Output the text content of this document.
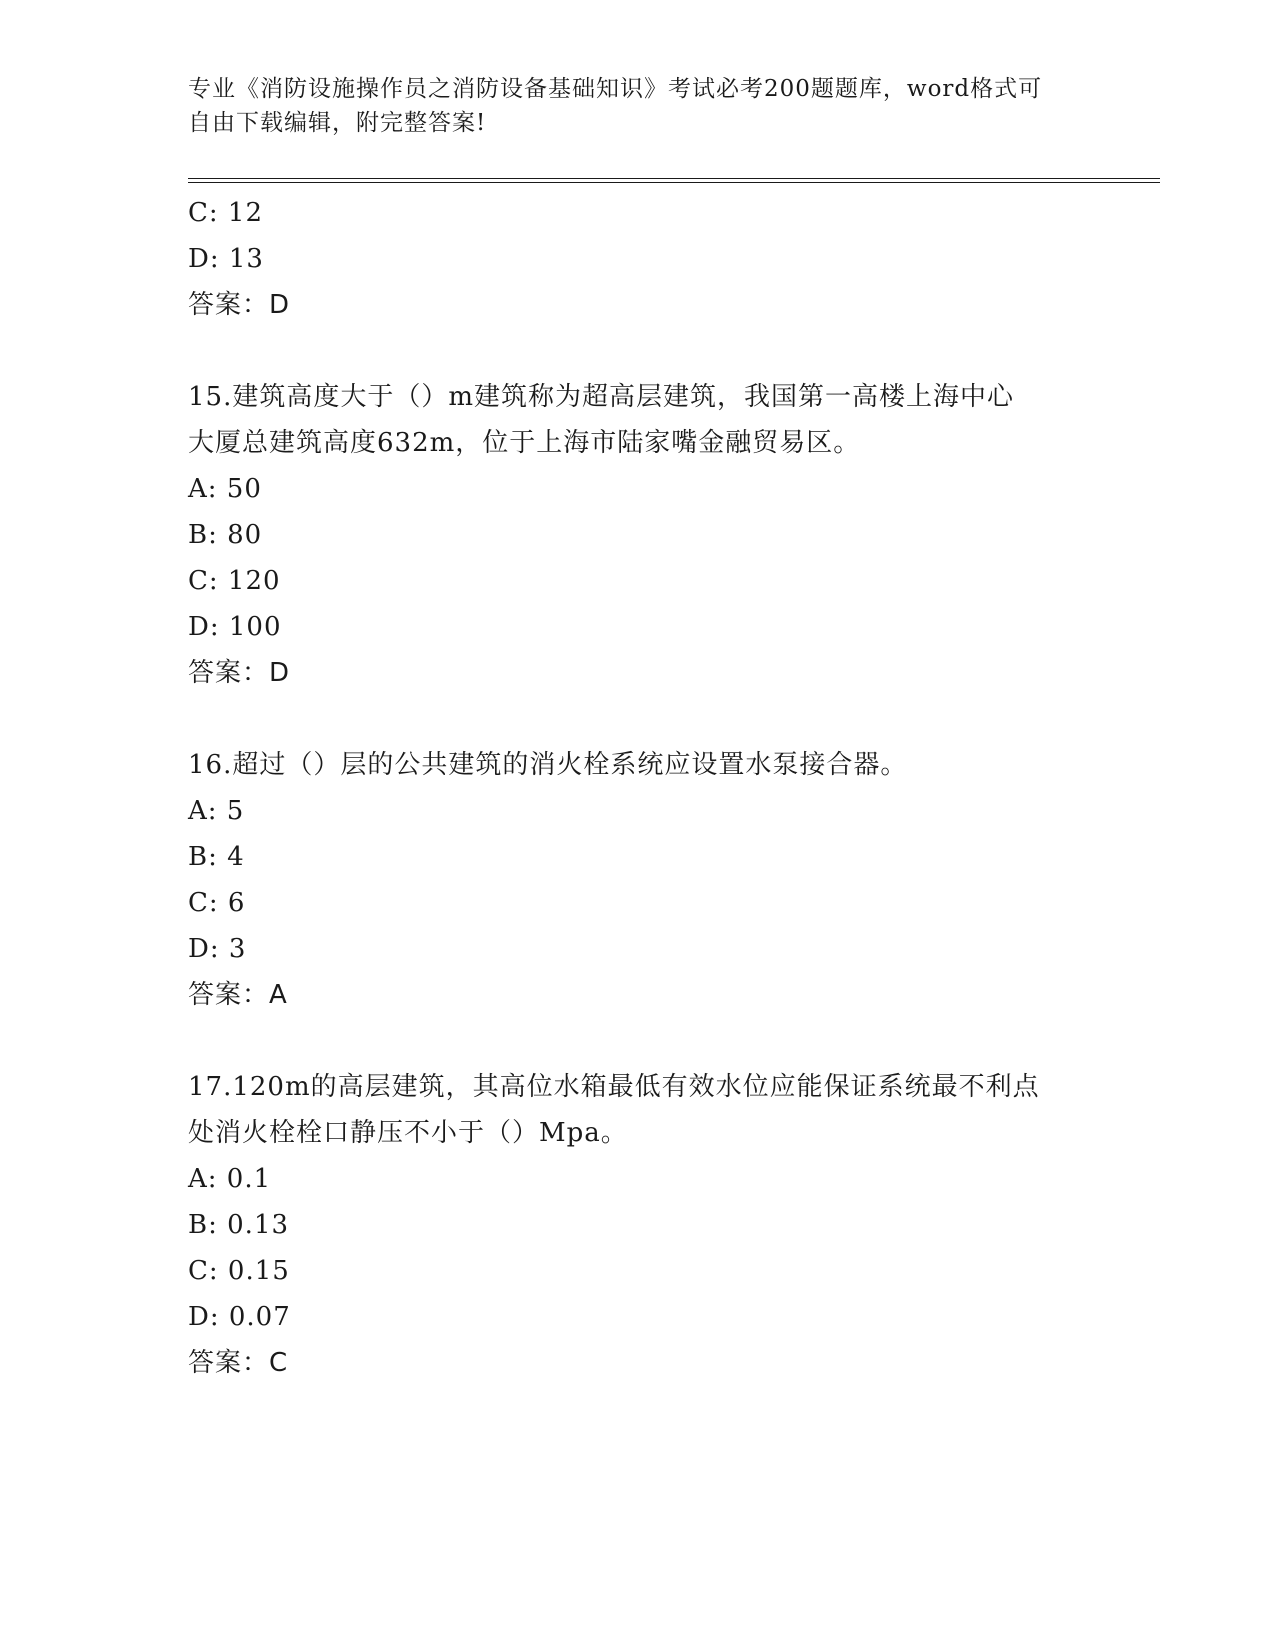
专业《消防设施操作员之消防设备基础知识》考试必考200题题库，word格式可
自由下载编辑，附完整答案!
C: 12
D: 13
答案：D
15.建筑高度大于（）m建筑称为超高层建筑，我国第一高楼上海中心
大厦总建筑高度632m，位于上海市陆家嘴金融贸易区。
A: 50
B: 80
C: 120
D: 100
答案：D
16.超过（）层的公共建筑的消火栓系统应设置水泵接合器。
A: 5
B: 4
C: 6
D: 3
答案：A
17.120m的高层建筑，其高位水箱最低有效水位应能保证系统最不利点
处消火栓栓口静压不小于（）Mpa。
A: 0.1
B: 0.13
C: 0.15
D: 0.07
答案：C
